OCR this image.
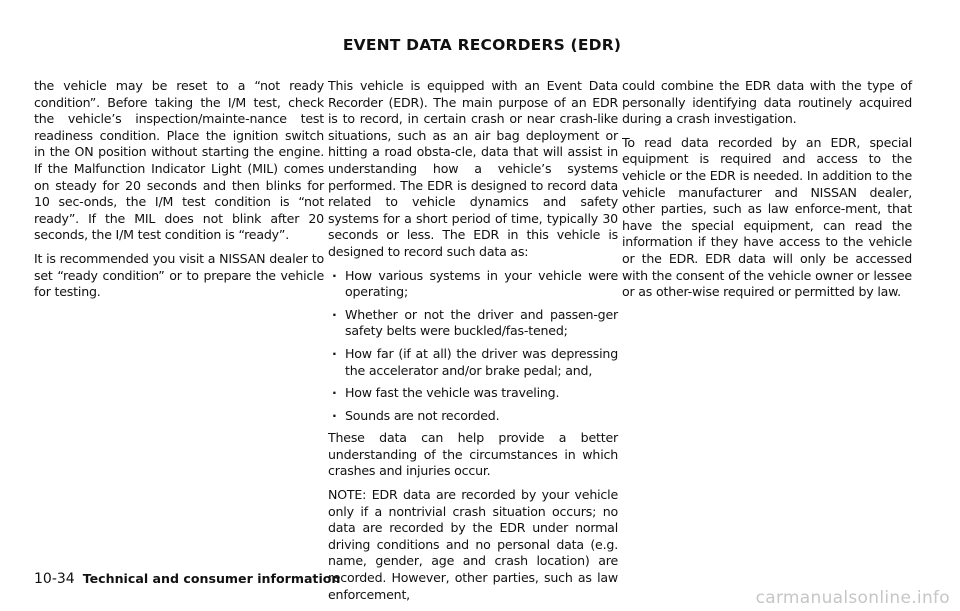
EVENT DATA RECORDERS (EDR)

the vehicle may be reset to a “not ready condition”. Before taking the I/M test, check the vehicle’s inspection/mainte-nance test readiness condition. Place the ignition switch in the ON position without starting the engine. If the Malfunction Indicator Light (MIL) comes on steady for 20 seconds and then blinks for 10 sec-onds, the I/M test condition is “not ready”. If the MIL does not blink after 20 seconds, the I/M test condition is “ready”.

It is recommended you visit a NISSAN dealer to set “ready condition” or to prepare the vehicle for testing.

This vehicle is equipped with an Event Data Recorder (EDR). The main purpose of an EDR is to record, in certain crash or near crash-like situations, such as an air bag deployment or hitting a road obsta-cle, data that will assist in understanding how a vehicle’s systems performed. The EDR is designed to record data related to vehicle dynamics and safety systems for a short period of time, typically 30 seconds or less. The EDR in this vehicle is designed to record such data as:

. How various systems in your vehicle were operating;
. Whether or not the driver and passen-ger safety belts were buckled/fas-tened;
. How far (if at all) the driver was depressing the accelerator and/or brake pedal; and,
. How fast the vehicle was traveling.
. Sounds are not recorded.

These data can help provide a better understanding of the circumstances in which crashes and injuries occur.

NOTE: EDR data are recorded by your vehicle only if a nontrivial crash situation occurs; no data are recorded by the EDR under normal driving conditions and no personal data (e.g. name, gender, age and crash location) are recorded. However, other parties, such as law enforcement,

could combine the EDR data with the type of personally identifying data routinely acquired during a crash investigation.

To read data recorded by an EDR, special equipment is required and access to the vehicle or the EDR is needed. In addition to the vehicle manufacturer and NISSAN dealer, other parties, such as law enforce-ment, that have the special equipment, can read the information if they have access to the vehicle or the EDR. EDR data will only be accessed with the consent of the vehicle owner or lessee or as other-wise required or permitted by law.

10-34 Technical and consumer information
carmanualsonline.info
